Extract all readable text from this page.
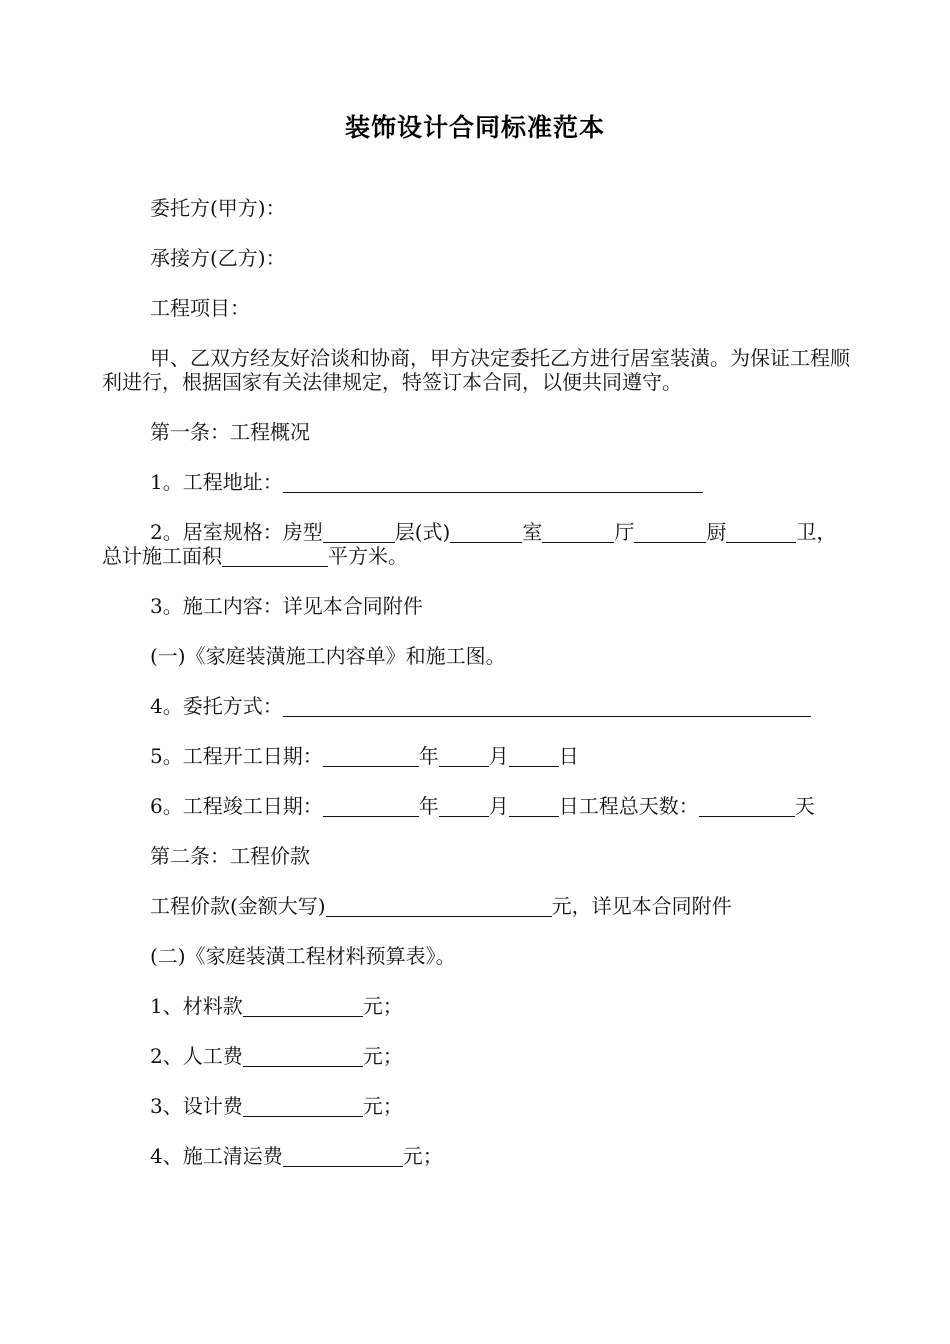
装饰设计合同标准范本

委托方(甲方)：

承接方(乙方)：

工程项目：

甲、乙双方经友好洽谈和协商，甲方决定委托乙方进行居室装潢。为保证工程顺利进行，根据国家有关法律规定，特签订本合同，以便共同遵守。

第一条：工程概况

1。工程地址：

2。居室规格：房型	层(式)	室	厅	厨	卫，总计施工面积	平方米。

3。施工内容：详见本合同附件

(一)《家庭装潢施工内容单》和施工图。

4。委托方式：

5。工程开工日期：	年	月	日

6。工程竣工日期：	年	月	日工程总天数：	天

第二条：工程价款

工程价款(金额大写)	元，详见本合同附件

(二)《家庭装潢工程材料预算表》。

1、材料款	元；

2、人工费	元；

3、设计费	元；

4、施工清运费	元；
